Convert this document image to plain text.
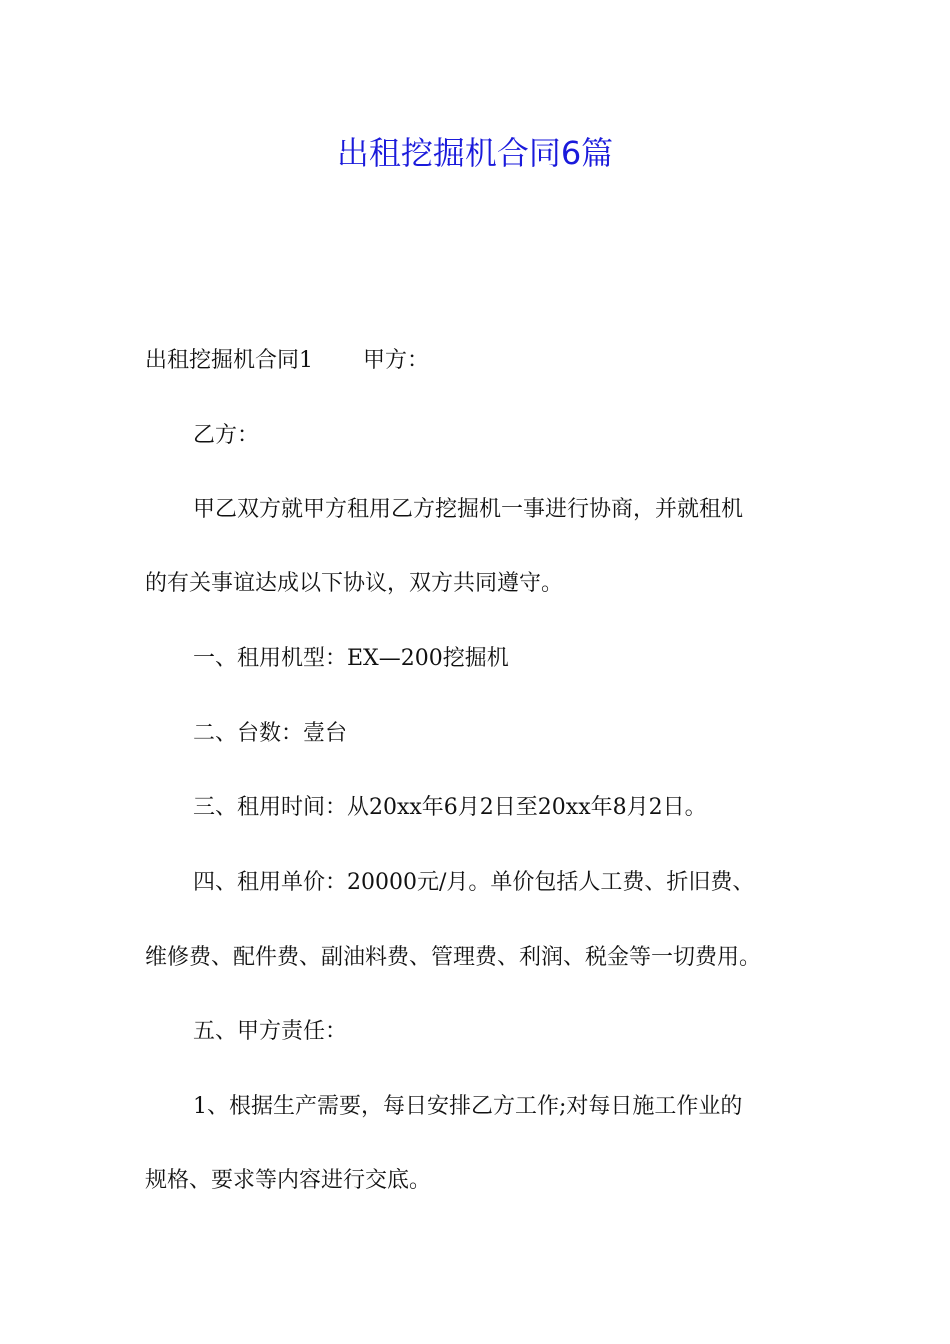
出租挖掘机合同6篇

出租挖掘机合同1 甲方：

乙方：

甲乙双方就甲方租用乙方挖掘机一事进行协商，并就租机

的有关事谊达成以下协议，双方共同遵守。

一、租用机型：EX—200挖掘机

二、台数：壹台

三、租用时间：从20xx年6月2日至20xx年8月2日。

四、租用单价：20000元/月。单价包括人工费、折旧费、

维修费、配件费、副油料费、管理费、利润、税金等一切费用。

五、甲方责任：

1、根据生产需要，每日安排乙方工作;对每日施工作业的

规格、要求等内容进行交底。
